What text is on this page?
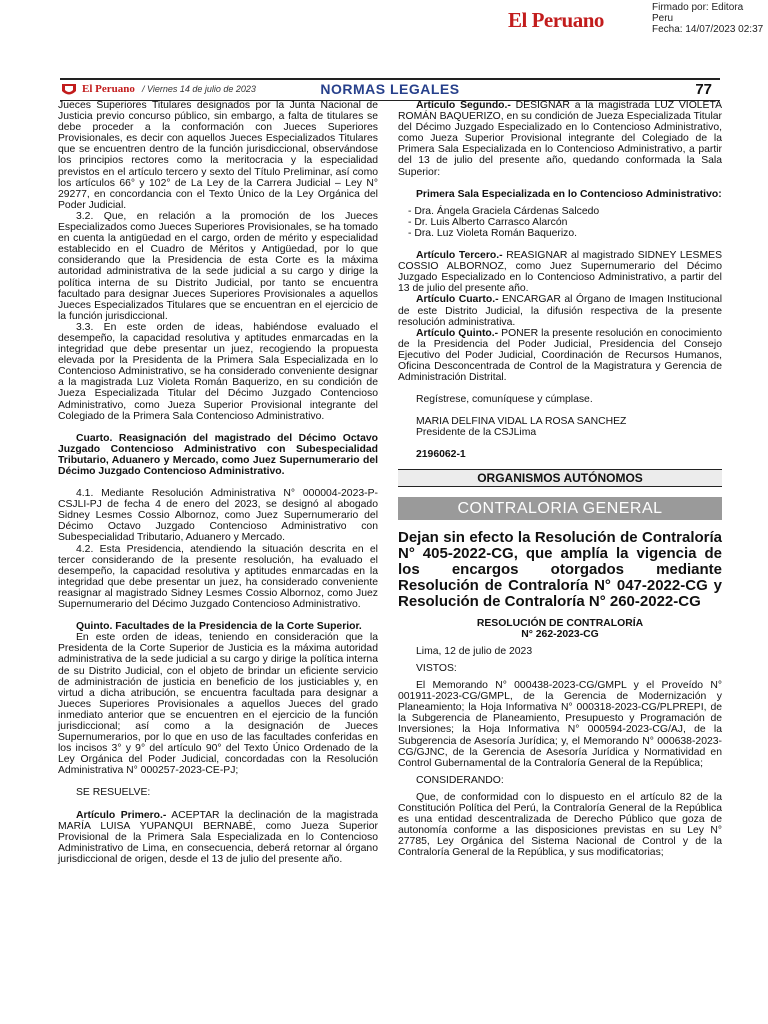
El Peruano
Firmado por: Editora
Peru
Fecha: 14/07/2023 02:37
El Peruano / Viernes 14 de julio de 2023	NORMAS LEGALES	77

Jueces Superiores Titulares designados por la Junta Nacional de Justicia previo concurso público, sin embargo, a falta de titulares se debe proceder a la conformación con Jueces Superiores Provisionales, es decir con aquellos Jueces Especializados Titulares que se encuentren dentro de la función jurisdiccional, observándose los principios rectores como la meritocracia y la especialidad previstos en el artículo tercero y sexto del Título Preliminar, así como los artículos 66° y 102° de La Ley de la Carrera Judicial – Ley N° 29277, en concordancia con el Texto Único de la Ley Orgánica del Poder Judicial.

3.2. Que, en relación a la promoción de los Jueces Especializados como Jueces Superiores Provisionales, se ha tomado en cuenta la antigüedad en el cargo, orden de mérito y especialidad establecido en el Cuadro de Méritos y Antigüedad, por lo que considerando que la Presidencia de esta Corte es la máxima autoridad administrativa de la sede judicial a su cargo y dirige la política interna de su Distrito Judicial, por tanto se encuentra facultado para designar Jueces Superiores Provisionales a aquellos Jueces Especializados Titulares que se encuentran en el ejercicio de la función jurisdiccional.

3.3. En este orden de ideas, habiéndose evaluado el desempeño, la capacidad resolutiva y aptitudes enmarcadas en la integridad que debe presentar un juez, recogiendo la propuesta elevada por la Presidenta de la Primera Sala Especializada en lo Contencioso Administrativo, se ha considerado conveniente designar a la magistrada Luz Violeta Román Baquerizo, en su condición de Jueza Especializada Titular del Décimo Juzgado Contencioso Administrativo, como Jueza Superior Provisional integrante del Colegiado de la Primera Sala Contencioso Administrativo.

Cuarto. Reasignación del magistrado del Décimo Octavo Juzgado Contencioso Administrativo con Subespecialidad Tributario, Aduanero y Mercado, como Juez Supernumerario del Décimo Juzgado Contencioso Administrativo.

4.1. Mediante Resolución Administrativa N° 000004-2023-P-CSJLI-PJ de fecha 4 de enero del 2023, se designó al abogado Sidney Lesmes Cossio Albornoz, como Juez Supernumerario del Décimo Octavo Juzgado Contencioso Administrativo con Subespecialidad Tributario, Aduanero y Mercado.

4.2. Esta Presidencia, atendiendo la situación descrita en el tercer considerando de la presente resolución, ha evaluado el desempeño, la capacidad resolutiva y aptitudes enmarcadas en la integridad que debe presentar un juez, ha considerado conveniente reasignar al magistrado Sidney Lesmes Cossio Albornoz, como Juez Supernumerario del Décimo Juzgado Contencioso Administrativo.

Quinto. Facultades de la Presidencia de la Corte Superior.

En este orden de ideas, teniendo en consideración que la Presidenta de la Corte Superior de Justicia es la máxima autoridad administrativa de la sede judicial a su cargo y dirige la política interna de su Distrito Judicial, con el objeto de brindar un eficiente servicio de administración de justicia en beneficio de los justiciables y, en virtud a dicha atribución, se encuentra facultada para designar a Jueces Superiores Provisionales a aquellos Jueces del grado inmediato anterior que se encuentren en el ejercicio de la función jurisdiccional; así como a la designación de Jueces Supernumerarios, por lo que en uso de las facultades conferidas en los incisos 3° y 9° del artículo 90° del Texto Único Ordenado de la Ley Orgánica del Poder Judicial, concordadas con la Resolución Administrativa N° 000257-2023-CE-PJ;

SE RESUELVE:

Artículo Primero.- ACEPTAR la declinación de la magistrada MARÍA LUISA YUPANQUI BERNABÉ, como Jueza Superior Provisional de la Primera Sala Especializada en lo Contencioso Administrativo de Lima, en consecuencia, deberá retornar al órgano jurisdiccional de origen, desde el 13 de julio del presente año.

Artículo Segundo.- DESIGNAR a la magistrada LUZ VIOLETA ROMÁN BAQUERIZO, en su condición de Jueza Especializada Titular del Décimo Juzgado Especializado en lo Contencioso Administrativo, como Jueza Superior Provisional integrante del Colegiado de la Primera Sala Especializada en lo Contencioso Administrativo, a partir del 13 de julio del presente año, quedando conformada la Sala Superior:

Primera Sala Especializada en lo Contencioso Administrativo:

- Dra. Ángela Graciela Cárdenas Salcedo

- Dr. Luis Alberto Carrasco Alarcón

- Dra. Luz Violeta Román Baquerizo.

Artículo Tercero.- REASIGNAR al magistrado SIDNEY LESMES COSSIO ALBORNOZ, como Juez Supernumerario del Décimo Juzgado Especializado en lo Contencioso Administrativo, a partir del 13 de julio del presente año.

Artículo Cuarto.- ENCARGAR al Órgano de Imagen Institucional de este Distrito Judicial, la difusión respectiva de la presente resolución administrativa.

Artículo Quinto.- PONER la presente resolución en conocimiento de la Presidencia del Poder Judicial, Presidencia del Consejo Ejecutivo del Poder Judicial, Coordinación de Recursos Humanos, Oficina Desconcentrada de Control de la Magistratura y Gerencia de Administración Distrital.

Regístrese, comuníquese y cúmplase.

MARIA DELFINA VIDAL LA ROSA SANCHEZ

Presidente de la CSJLima

2196062-1

ORGANISMOS AUTÓNOMOS
CONTRALORIA GENERAL

Dejan sin efecto la Resolución de Contraloría N° 405-2022-CG, que amplía la vigencia de los encargos otorgados mediante Resolución de Contraloría N° 047-2022-CG y Resolución de Contraloría N° 260-2022-CG

RESOLUCIÓN DE CONTRALORÍA

N° 262-2023-CG

Lima, 12 de julio de 2023

VISTOS:

El Memorando N° 000438-2023-CG/GMPL y el Proveído N° 001911-2023-CG/GMPL, de la Gerencia de Modernización y Planeamiento; la Hoja Informativa N° 000318-2023-CG/PLPREPI, de la Subgerencia de Planeamiento, Presupuesto y Programación de Inversiones; la Hoja Informativa N° 000594-2023-CG/AJ, de la Subgerencia de Asesoría Jurídica; y, el Memorando N° 000638-2023-CG/GJNC, de la Gerencia de Asesoría Jurídica y Normatividad en Control Gubernamental de la Contraloría General de la República;

CONSIDERANDO:

Que, de conformidad con lo dispuesto en el artículo 82 de la Constitución Política del Perú, la Contraloría General de la República es una entidad descentralizada de Derecho Público que goza de autonomía conforme a las disposiciones previstas en su Ley N° 27785, Ley Orgánica del Sistema Nacional de Control y de la Contraloría General de la República, y sus modificatorias;
